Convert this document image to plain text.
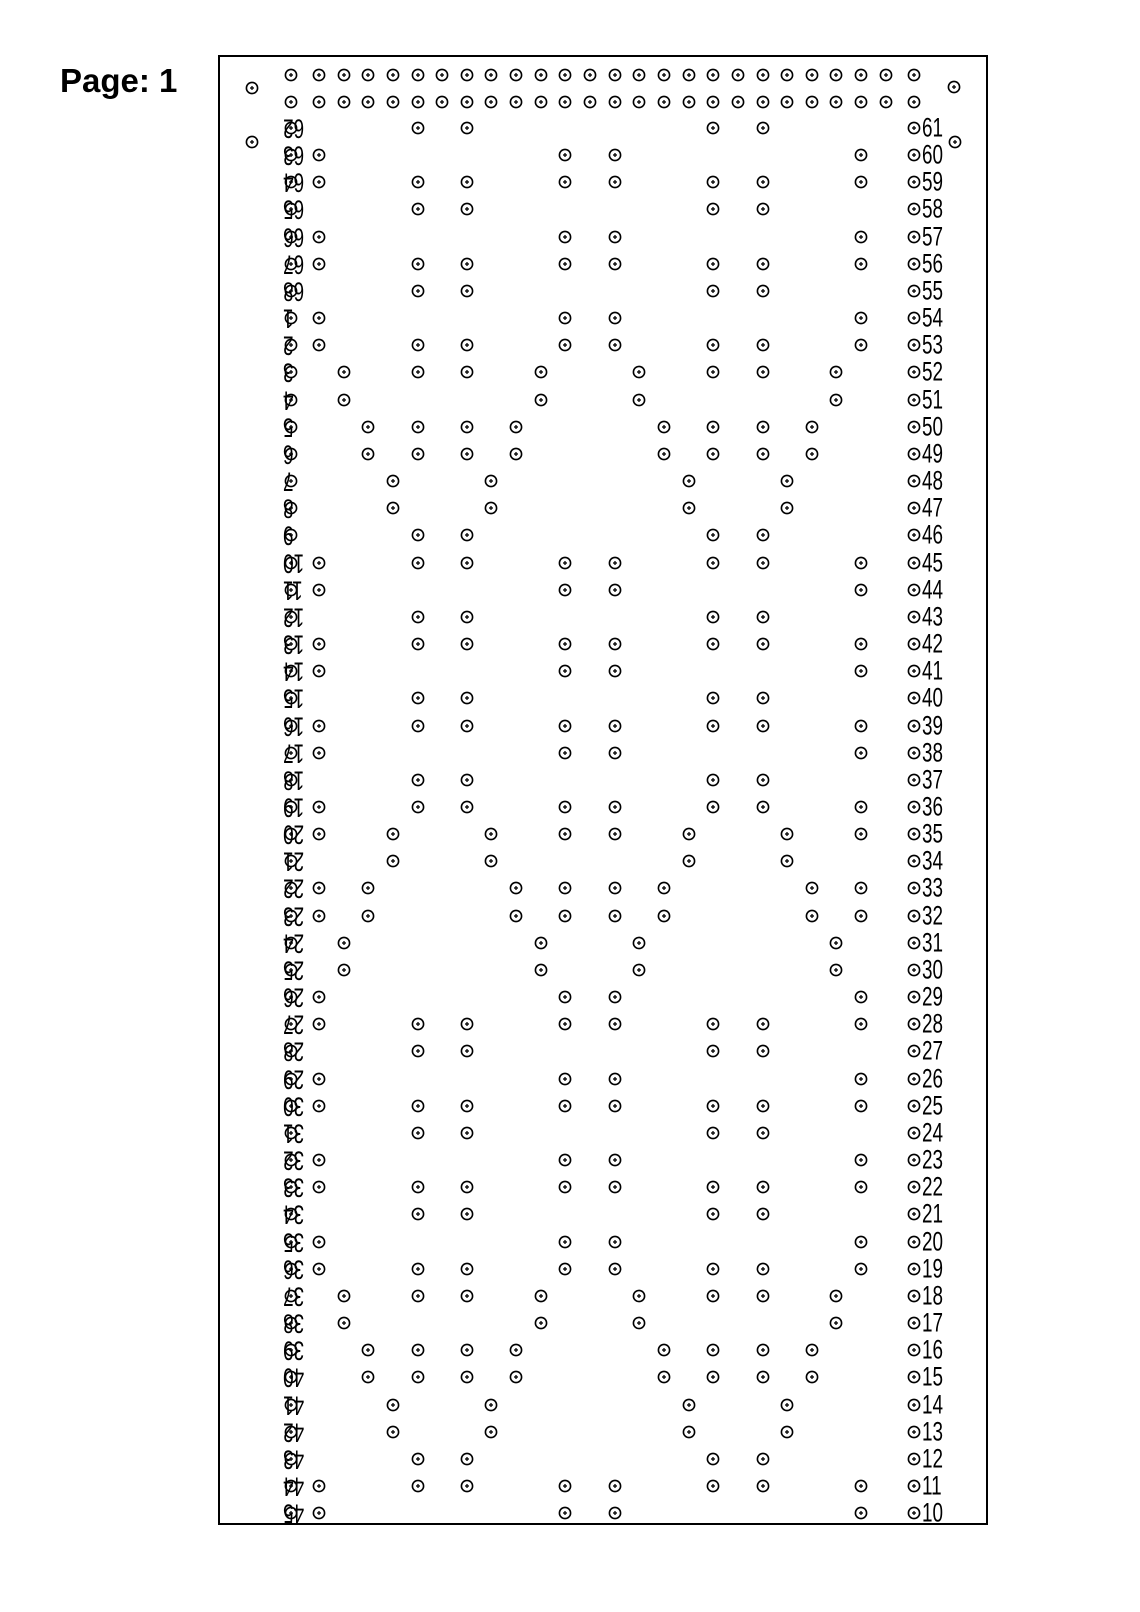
Page: 1
62	61
63	60
64	59
65	58
66	57
67	56
68	55
1	54
2	53
3	52
4	51
5	50
6	49
7	48
8	47
9	46
10	45
11	44
12	43
13	42
14	41
15	40
16	39
17	38
18	37
19	36
20	35
21	34
22	33
23	32
24	31
25	30
26	29
27	28
28	27
29	26
30	25
31	24
32	23
33	22
34	21
35	20
36	19
37	18
38	17
39	16
40	15
41	14
42	13
43	12
44	11
45	10
